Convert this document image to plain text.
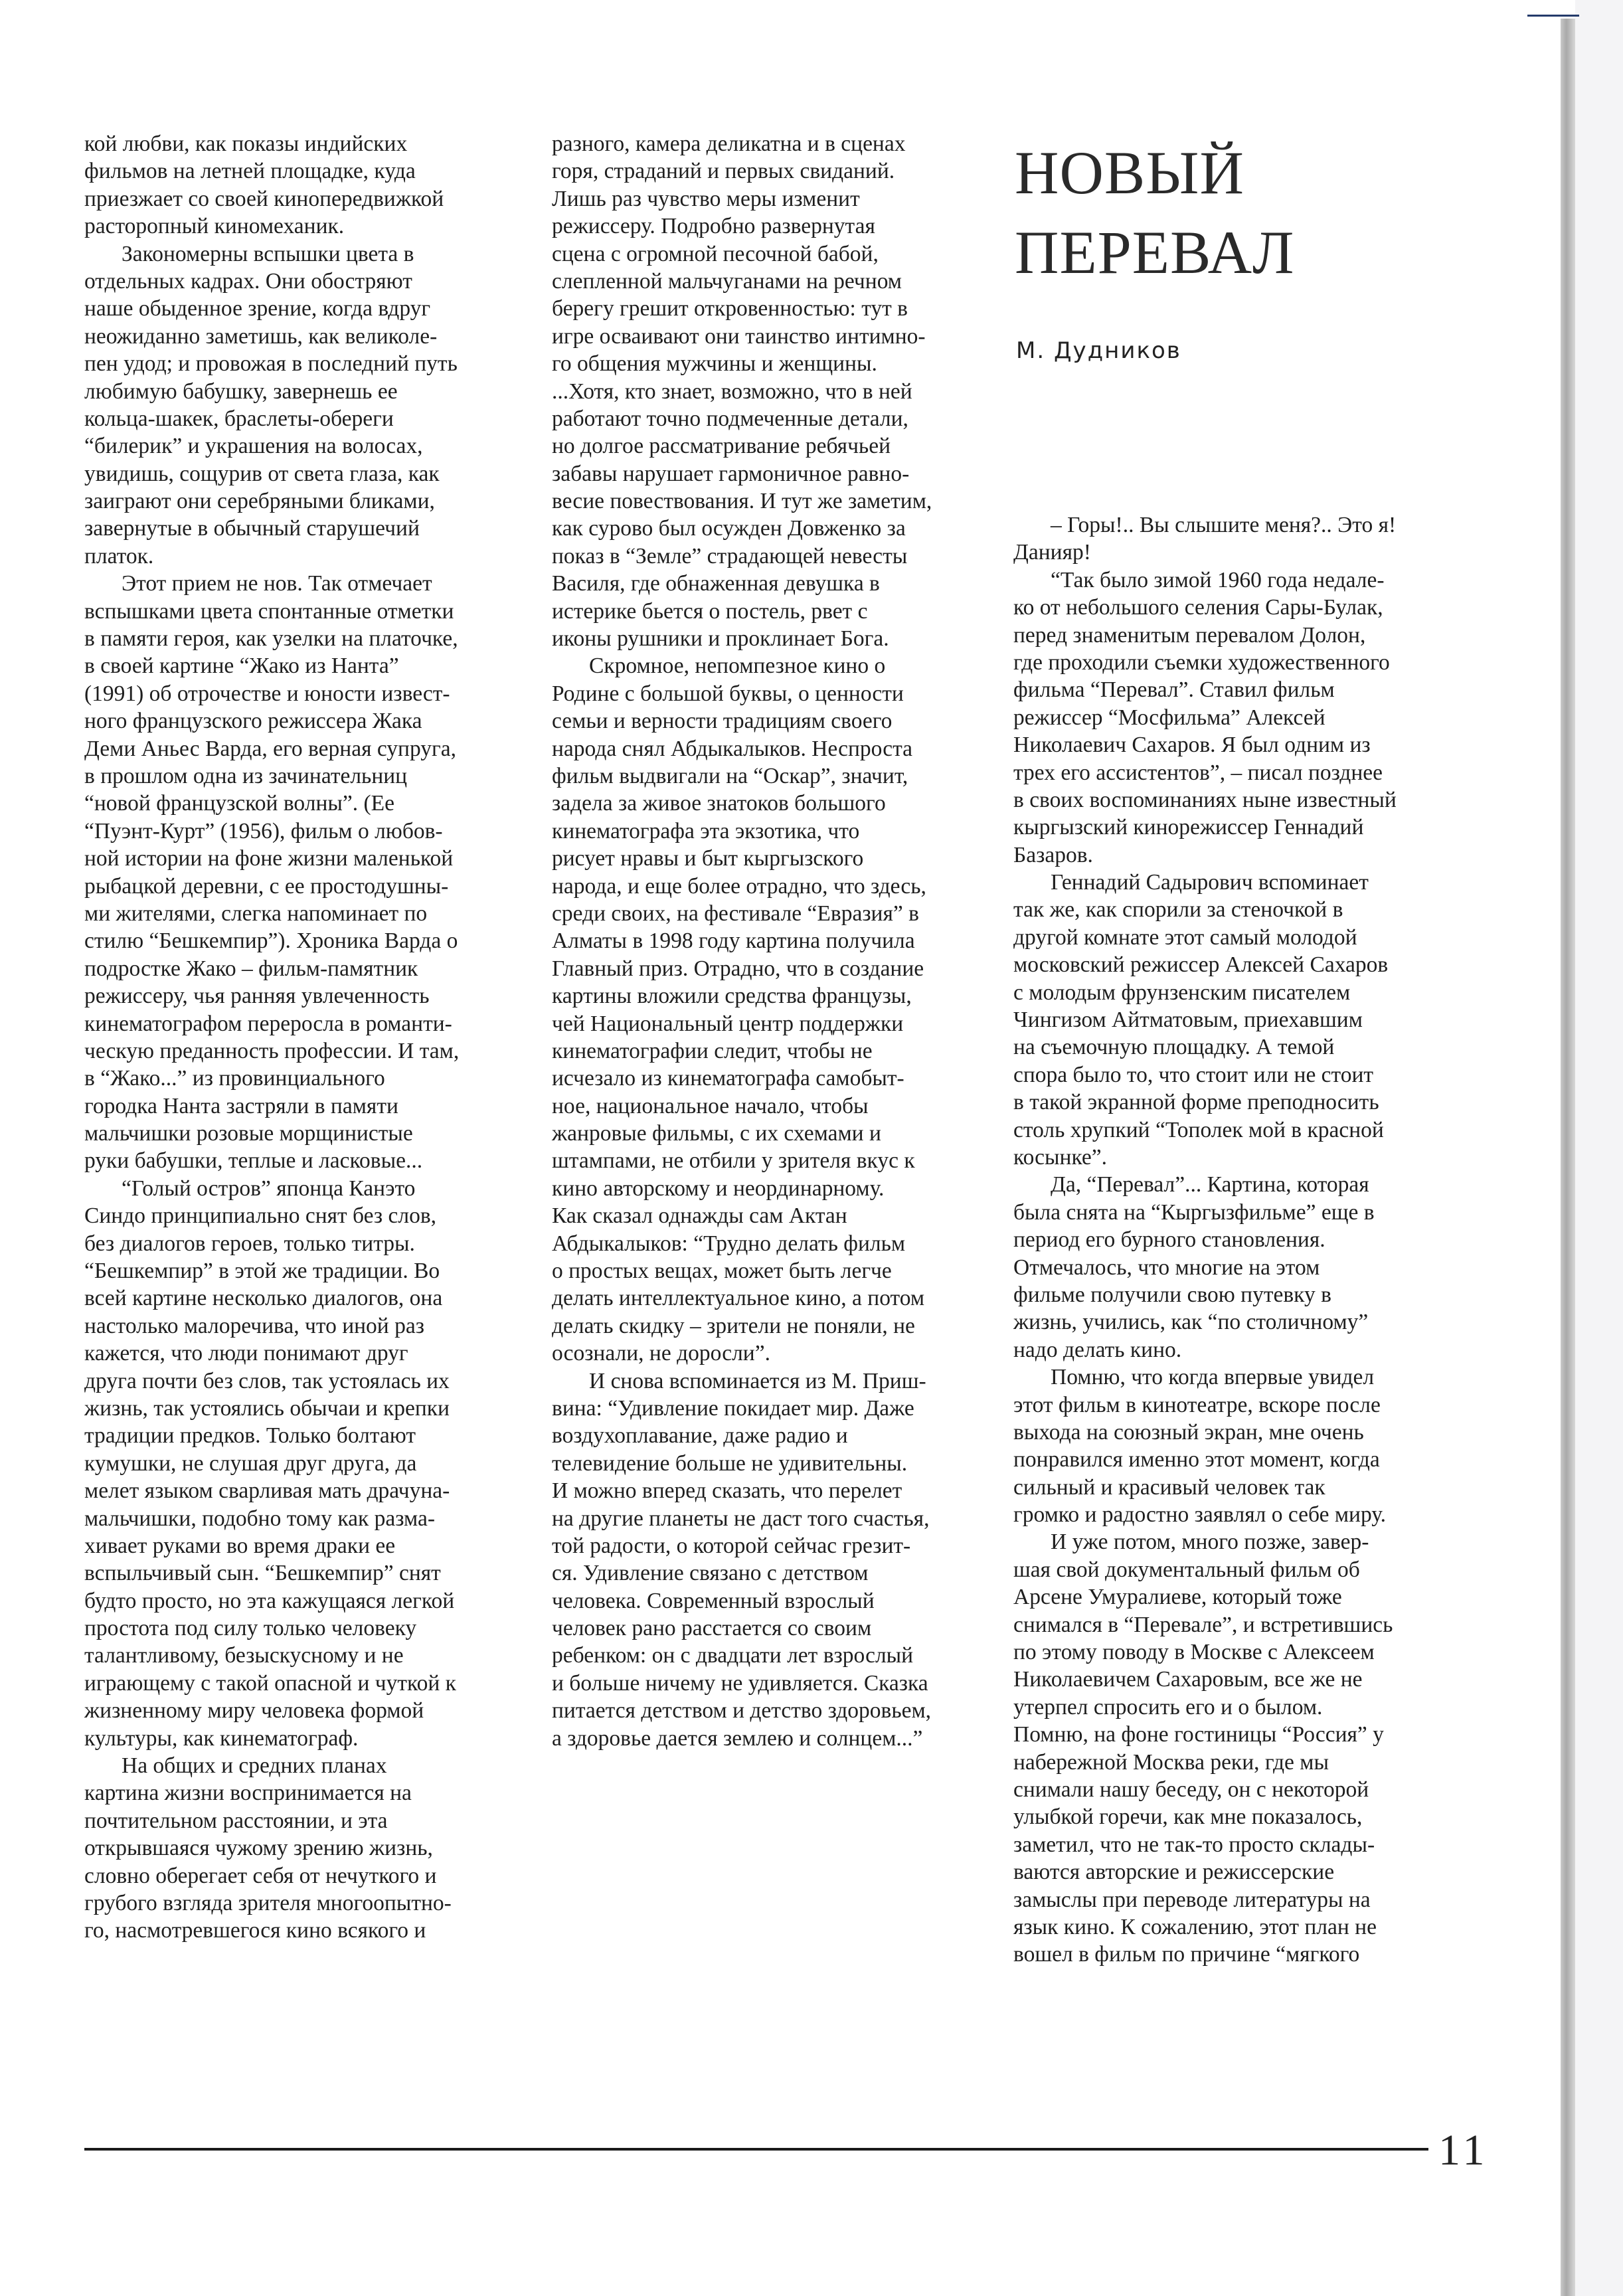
кой любви, как показы индийских
фильмов на летней площадке, куда
приезжает со своей кинопередвижкой
расторопный киномеханик.
Закономерны вспышки цвета в
отдельных кадрах. Они обостряют
наше обыденное зрение, когда вдруг
неожиданно заметишь, как великоле-
пен удод; и провожая в последний путь
любимую бабушку, завернешь ее
кольца-шакек, браслеты-обереги
“билерик” и украшения на волосах,
увидишь, сощурив от света глаза, как
заиграют они серебряными бликами,
завернутые в обычный старушечий
платок.
Этот прием не нов. Так отмечает
вспышками цвета спонтанные отметки
в памяти героя, как узелки на платочке,
в своей картине “Жако из Нанта”
(1991) об отрочестве и юности извест-
ного французского режиссера Жака
Деми Аньес Варда, его верная супруга,
в прошлом одна из зачинательниц
“новой французской волны”. (Ее
“Пуэнт-Курт” (1956), фильм о любов-
ной истории на фоне жизни маленькой
рыбацкой деревни, с ее простодушны-
ми жителями, слегка напоминает по
стилю “Бешкемпир”). Хроника Варда о
подростке Жако – фильм-памятник
режиссеру, чья ранняя увлеченность
кинематографом переросла в романти-
ческую преданность профессии. И там,
в “Жако...” из провинциального
городка Нанта застряли в памяти
мальчишки розовые морщинистые
руки бабушки, теплые и ласковые...
“Голый остров” японца Канэто
Синдо принципиально снят без слов,
без диалогов героев, только титры.
“Бешкемпир” в этой же традиции. Во
всей картине несколько диалогов, она
настолько малоречива, что иной раз
кажется, что люди понимают друг
друга почти без слов, так устоялась их
жизнь, так устоялись обычаи и крепки
традиции предков. Только болтают
кумушки, не слушая друг друга, да
мелет языком сварливая мать драчуна-
мальчишки, подобно тому как разма-
хивает руками во время драки ее
вспыльчивый сын. “Бешкемпир” снят
будто просто, но эта кажущаяся легкой
простота под силу только человеку
талантливому, безыскусному и не
играющему с такой опасной и чуткой к
жизненному миру человека формой
культуры, как кинематограф.
На общих и средних планах
картина жизни воспринимается на
почтительном расстоянии, и эта
открывшаяся чужому зрению жизнь,
словно оберегает себя от нечуткого и
грубого взгляда зрителя многоопытно-
го, насмотревшегося кино всякого и
разного, камера деликатна и в сценах
горя, страданий и первых свиданий.
Лишь раз чувство меры изменит
режиссеру. Подробно развернутая
сцена с огромной песочной бабой,
слепленной мальчуганами на речном
берегу грешит откровенностью: тут в
игре осваивают они таинство интимно-
го общения мужчины и женщины.
...Хотя, кто знает, возможно, что в ней
работают точно подмеченные детали,
но долгое рассматривание ребячьей
забавы нарушает гармоничное равно-
весие повествования. И тут же заметим,
как сурово был осужден Довженко за
показ в “Земле” страдающей невесты
Василя, где обнаженная девушка в
истерике бьется о постель, рвет с
иконы рушники и проклинает Бога.
Скромное, непомпезное кино о
Родине с большой буквы, о ценности
семьи и верности традициям своего
народа снял Абдыкалыков. Неспроста
фильм выдвигали на “Оскар”, значит,
задела за живое знатоков большого
кинематографа эта экзотика, что
рисует нравы и быт кыргызского
народа, и еще более отрадно, что здесь,
среди своих, на фестивале “Евразия” в
Алматы в 1998 году картина получила
Главный приз. Отрадно, что в создание
картины вложили средства французы,
чей Национальный центр поддержки
кинематографии следит, чтобы не
исчезало из кинематографа самобыт-
ное, национальное начало, чтобы
жанровые фильмы, с их схемами и
штампами, не отбили у зрителя вкус к
кино авторскому и неординарному.
Как сказал однажды сам Актан
Абдыкалыков: “Трудно делать фильм
о простых вещах, может быть легче
делать интеллектуальное кино, а потом
делать скидку – зрители не поняли, не
осознали, не доросли”.
И снова вспоминается из М. Приш-
вина: “Удивление покидает мир. Даже
воздухоплавание, даже радио и
телевидение больше не удивительны.
И можно вперед сказать, что перелет
на другие планеты не даст того счастья,
той радости, о которой сейчас грезит-
ся. Удивление связано с детством
человека. Современный взрослый
человек рано расстается со своим
ребенком: он с двадцати лет взрослый
и больше ничему не удивляется. Сказка
питается детством и детство здоровьем,
а здоровье дается землею и солнцем...”
НОВЫЙ
ПЕРЕВАЛ
М. Дудников
– Горы!.. Вы слышите меня?.. Это я!
Данияр!
“Так было зимой 1960 года недале-
ко от небольшого селения Сары-Булак,
перед знаменитым перевалом Долон,
где проходили съемки художественного
фильма “Перевал”. Ставил фильм
режиссер “Мосфильма” Алексей
Николаевич Сахаров. Я был одним из
трех его ассистентов”, – писал позднее
в своих воспоминаниях ныне известный
кыргызский кинорежиссер Геннадий
Базаров.
Геннадий Садырович вспоминает
так же, как спорили за стеночкой в
другой комнате этот самый молодой
московский режиссер Алексей Сахаров
с молодым фрунзенским писателем
Чингизом Айтматовым, приехавшим
на съемочную площадку. А темой
спора было то, что стоит или не стоит
в такой экранной форме преподносить
столь хрупкий “Тополек мой в красной
косынке”.
Да, “Перевал”... Картина, которая
была снята на “Кыргызфильме” еще в
период его бурного становления.
Отмечалось, что многие на этом
фильме получили свою путевку в
жизнь, учились, как “по столичному”
надо делать кино.
Помню, что когда впервые увидел
этот фильм в кинотеатре, вскоре после
выхода на союзный экран, мне очень
понравился именно этот момент, когда
сильный и красивый человек так
громко и радостно заявлял о себе миру.
И уже потом, много позже, завер-
шая свой документальный фильм об
Арсене Умуралиеве, который тоже
снимался в “Перевале”, и встретившись
по этому поводу в Москве с Алексеем
Николаевичем Сахаровым, все же не
утерпел спросить его и о былом.
Помню, на фоне гостиницы “Россия” у
набережной Москва реки, где мы
снимали нашу беседу, он с некоторой
улыбкой горечи, как мне показалось,
заметил, что не так-то просто склады-
ваются авторские и режиссерские
замыслы при переводе литературы на
язык кино. К сожалению, этот план не
вошел в фильм по причине “мягкого
11
